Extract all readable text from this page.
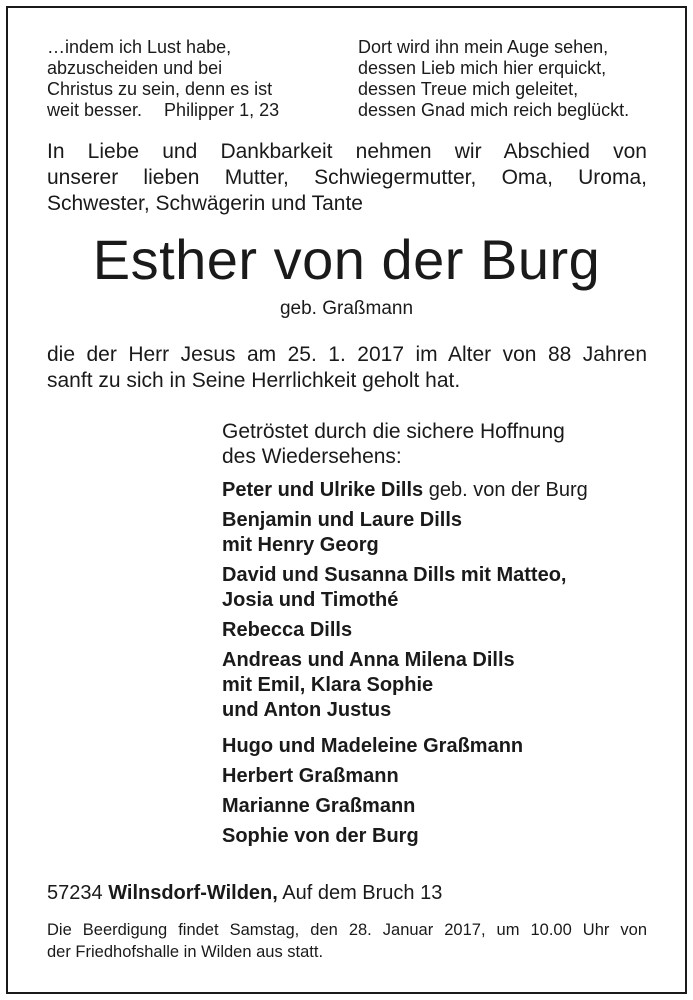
…indem ich Lust habe,
abzuscheiden und bei
Christus zu sein, denn es ist
weit besser. Philipper 1, 23
Dort wird ihn mein Auge sehen,
dessen Lieb mich hier erquickt,
dessen Treue mich geleitet,
dessen Gnad mich reich beglückt.
In Liebe und Dankbarkeit nehmen wir Abschied von
unserer lieben Mutter, Schwiegermutter, Oma, Uroma,
Schwester, Schwägerin und Tante
Esther von der Burg
geb. Graßmann
die der Herr Jesus am 25. 1. 2017 im Alter von 88 Jahren
sanft zu sich in Seine Herrlichkeit geholt hat.
Getröstet durch die sichere Hoffnung
des Wiedersehens:
Peter und Ulrike Dills geb. von der Burg
Benjamin und Laure Dills
mit Henry Georg
David und Susanna Dills mit Matteo,
Josia und Timothé
Rebecca Dills
Andreas und Anna Milena Dills
mit Emil, Klara Sophie
und Anton Justus
Hugo und Madeleine Graßmann
Herbert Graßmann
Marianne Graßmann
Sophie von der Burg
57234 Wilnsdorf-Wilden, Auf dem Bruch 13
Die Beerdigung findet Samstag, den 28. Januar 2017, um 10.00 Uhr von
der Friedhofshalle in Wilden aus statt.
